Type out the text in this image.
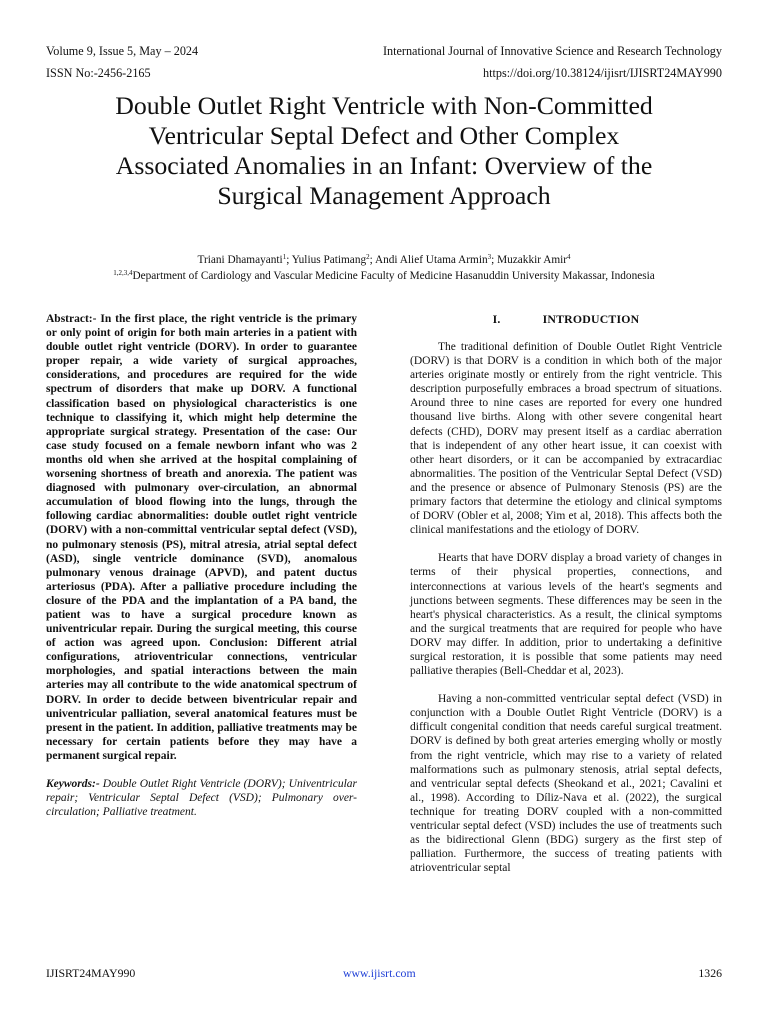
Volume 9, Issue 5, May – 2024	International Journal of Innovative Science and Research Technology
ISSN No:-2456-2165	https://doi.org/10.38124/ijisrt/IJISRT24MAY990
Double Outlet Right Ventricle with Non-Committed
Ventricular Septal Defect and Other Complex
Associated Anomalies in an Infant: Overview of the
Surgical Management Approach
Triani Dhamayanti$^1$; Yulius Patimang$^2$; Andi Alief Utama Armin$^3$; Muzakkir Amir$^4$
$^{1,2,3,4}$Department of Cardiology and Vascular Medicine Faculty of Medicine Hasanuddin University Makassar, Indonesia

Abstract:- In the first place, the right ventricle is the primary or only point of origin for both main arteries in a patient with double outlet right ventricle (DORV). In order to guarantee proper repair, a wide variety of surgical approaches, considerations, and procedures are required for the wide spectrum of disorders that make up DORV. A functional classification based on physiological characteristics is one technique to classifying it, which might help determine the appropriate surgical strategy. Presentation of the case: Our case study focused on a female newborn infant who was 2 months old when she arrived at the hospital complaining of worsening shortness of breath and anorexia. The patient was diagnosed with pulmonary over-circulation, an abnormal accumulation of blood flowing into the lungs, through the following cardiac abnormalities: double outlet right ventricle (DORV) with a non-committal ventricular septal defect (VSD), no pulmonary stenosis (PS), mitral atresia, atrial septal defect (ASD), single ventricle dominance (SVD), anomalous pulmonary venous drainage (APVD), and patent ductus arteriosus (PDA). After a palliative procedure including the closure of the PDA and the implantation of a PA band, the patient was to have a surgical procedure known as univentricular repair. During the surgical meeting, this course of action was agreed upon. Conclusion: Different atrial configurations, atrioventricular connections, ventricular morphologies, and spatial interactions between the main arteries may all contribute to the wide anatomical spectrum of DORV. In order to decide between biventricular repair and univentricular palliation, several anatomical features must be present in the patient. In addition, palliative treatments may be necessary for certain patients before they may have a permanent surgical repair.

Keywords:- Double Outlet Right Ventricle (DORV); Univentricular repair; Ventricular Septal Defect (VSD); Pulmonary over-circulation; Palliative treatment.

I.	INTRODUCTION

The traditional definition of Double Outlet Right Ventricle (DORV) is that DORV is a condition in which both of the major arteries originate mostly or entirely from the right ventricle. This description purposefully embraces a broad spectrum of situations. Around three to nine cases are reported for every one hundred thousand live births. Along with other severe congenital heart defects (CHD), DORV may present itself as a cardiac aberration that is independent of any other heart issue, it can coexist with other heart disorders, or it can be accompanied by extracardiac abnormalities. The position of the Ventricular Septal Defect (VSD) and the presence or absence of Pulmonary Stenosis (PS) are the primary factors that determine the etiology and clinical symptoms of DORV (Obler et al, 2008; Yim et al, 2018). This affects both the clinical manifestations and the etiology of DORV.

Hearts that have DORV display a broad variety of changes in terms of their physical properties, connections, and interconnections at various levels of the heart's segments and junctions between segments. These differences may be seen in the heart's physical characteristics. As a result, the clinical symptoms and the surgical treatments that are required for people who have DORV may differ. In addition, prior to undertaking a definitive surgical restoration, it is possible that some patients may need palliative therapies (Bell-Cheddar et al, 2023).

Having a non-committed ventricular septal defect (VSD) in conjunction with a Double Outlet Right Ventricle (DORV) is a difficult congenital condition that needs careful surgical treatment. DORV is defined by both great arteries emerging wholly or mostly from the right ventricle, which may rise to a variety of related malformations such as pulmonary stenosis, atrial septal defects, and ventricular septal defects (Sheokand et al., 2021; Cavalini et al., 1998). According to Díliz-Nava et al. (2022), the surgical technique for treating DORV coupled with a non-committed ventricular septal defect (VSD) includes the use of treatments such as the bidirectional Glenn (BDG) surgery as the first step of palliation. Furthermore, the success of treating patients with atrioventricular septal

IJISRT24MAY990	www.ijisrt.com	1326
